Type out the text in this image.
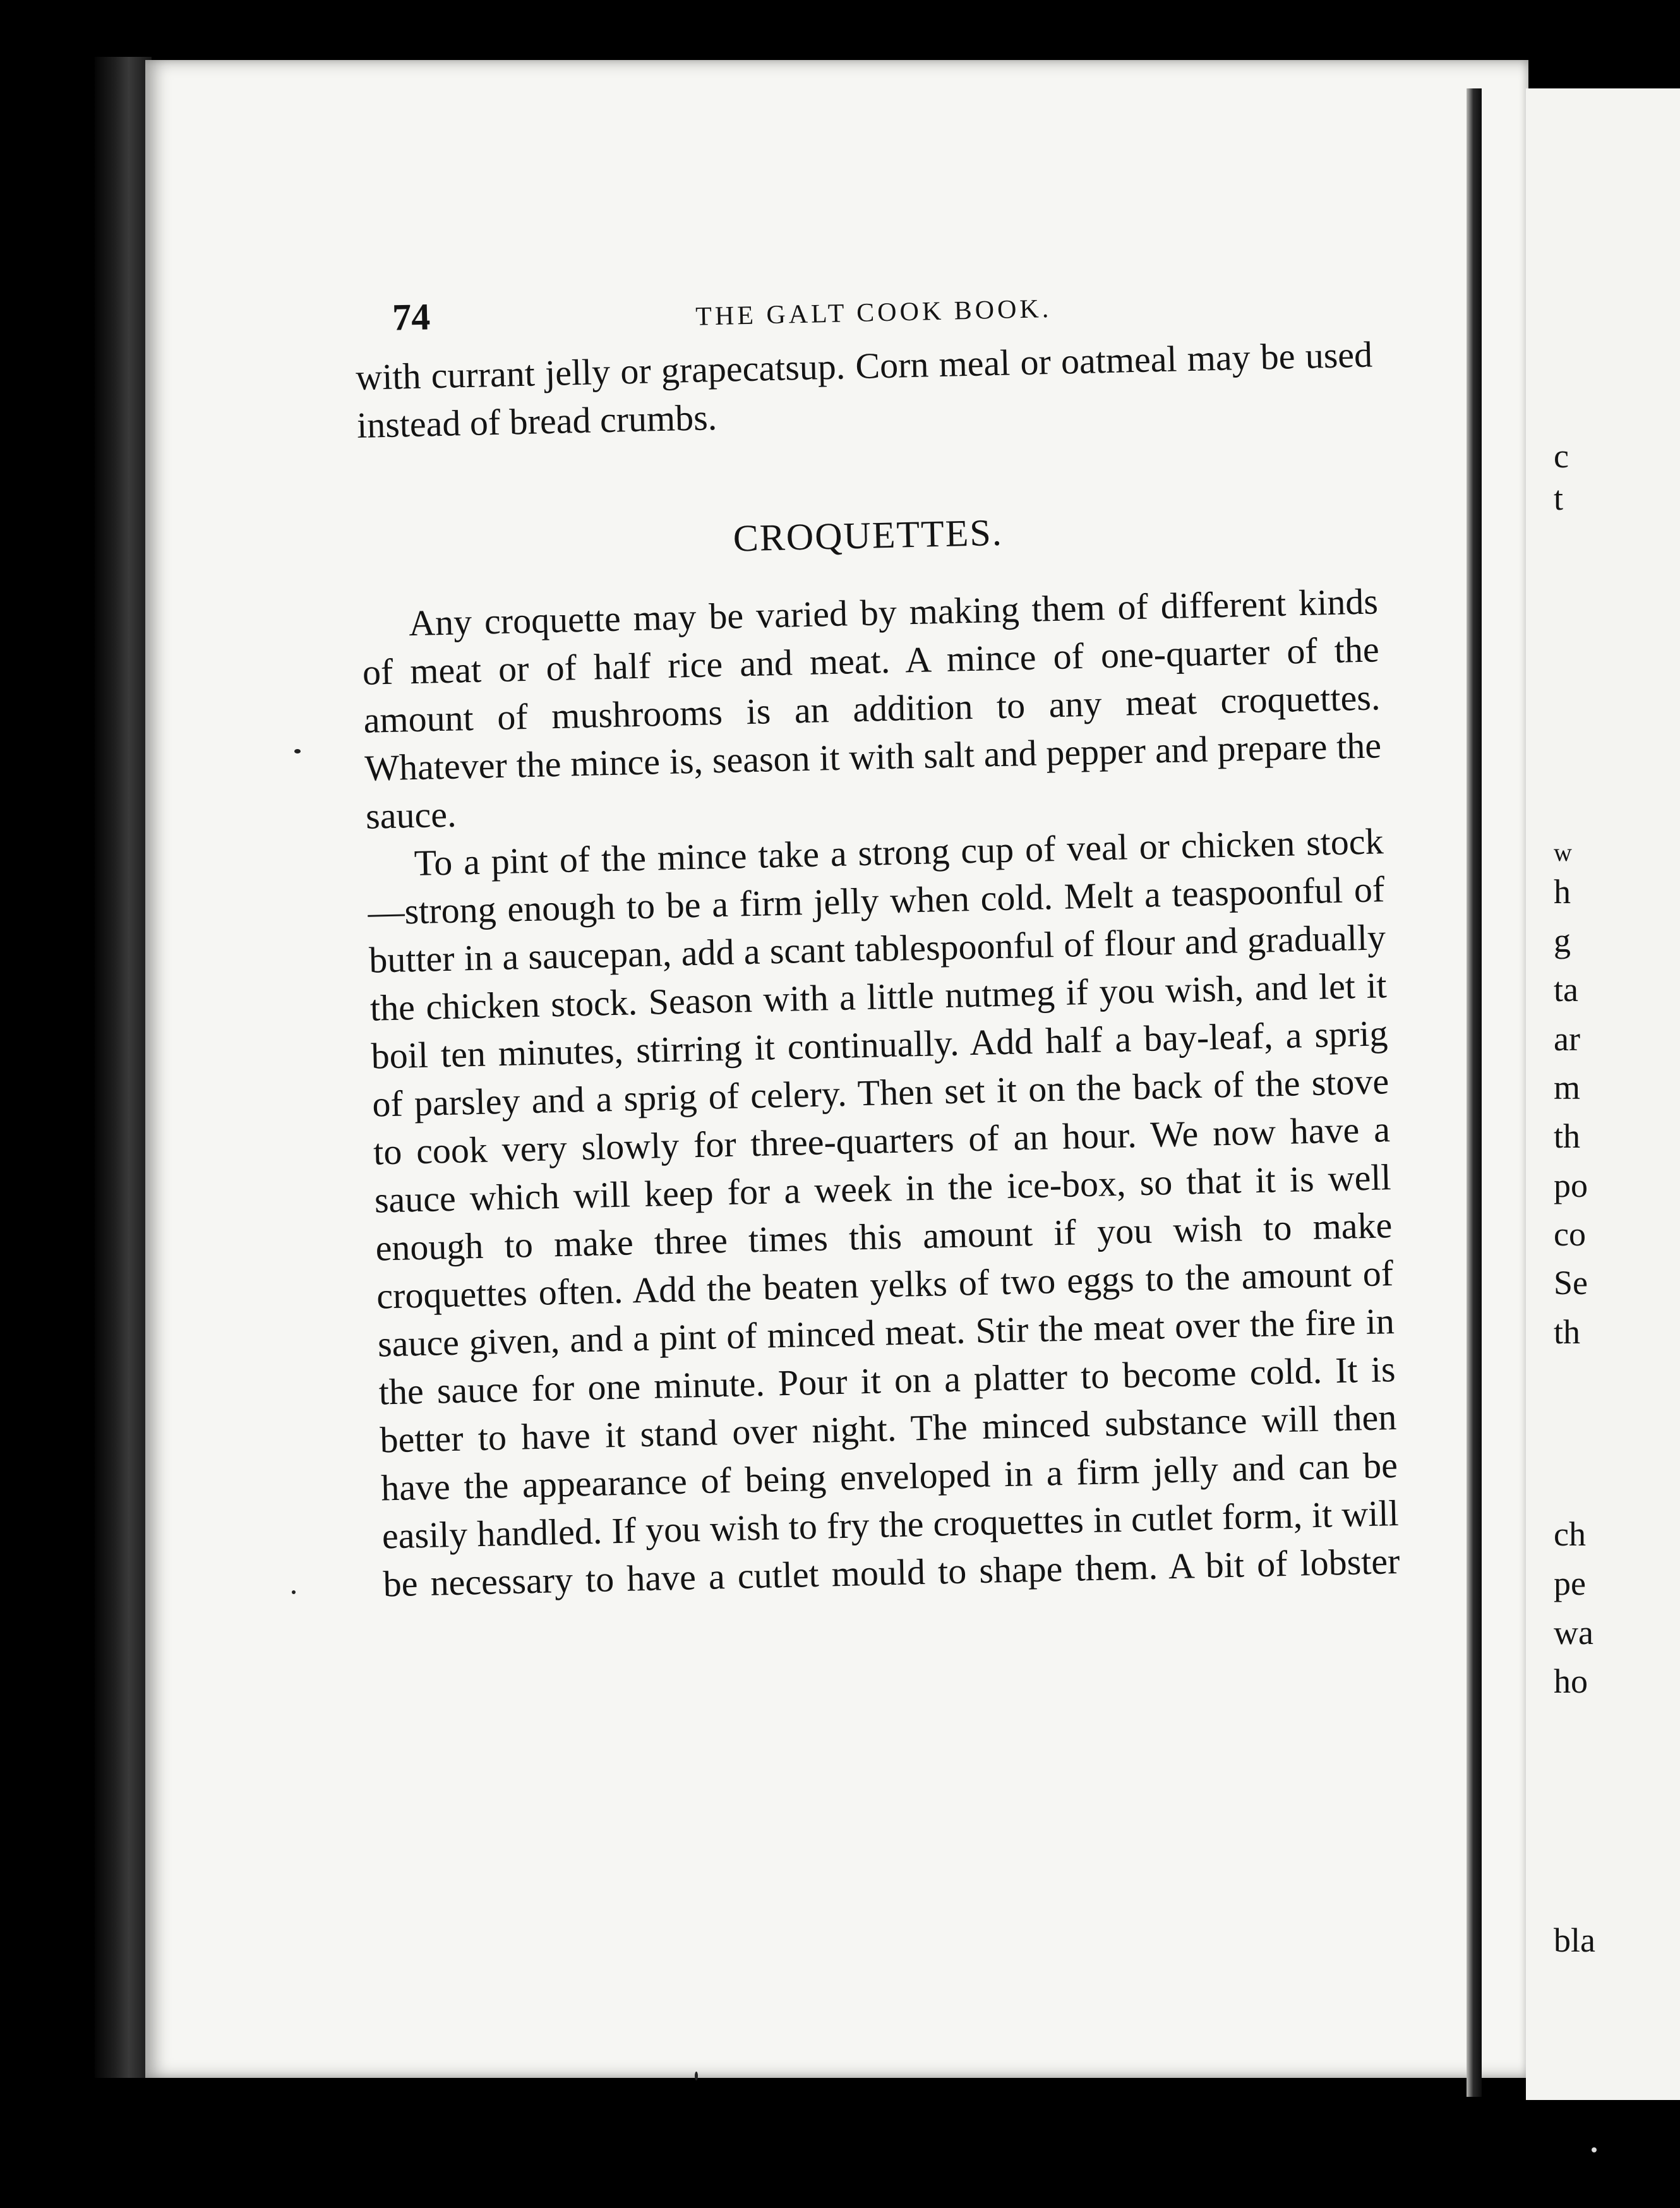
c
t
w
h
g
ta
ar
m
th
po
co
Se
th
ch
pe
wa
ho
bla
74	THE GALT COOK BOOK.

with currant jelly or grapecatsup. Corn meal or oatmeal may be used instead of bread crumbs.

CROQUETTES.

Any croquette may be varied by making them of different kinds of meat or of half rice and meat. A mince of one-quarter of the amount of mushrooms is an addition to any meat croquettes. Whatever the mince is, season it with salt and pepper and prepare the sauce.

To a pint of the mince take a strong cup of veal or chicken stock—strong enough to be a firm jelly when cold. Melt a teaspoonful of butter in a saucepan, add a scant tablespoonful of flour and gradually the chicken stock. Season with a little nutmeg if you wish, and let it boil ten minutes, stirring it continually. Add half a bay-leaf, a sprig of parsley and a sprig of celery. Then set it on the back of the stove to cook very slowly for three-quarters of an hour. We now have a sauce which will keep for a week in the ice-box, so that it is well enough to make three times this amount if you wish to make croquettes often. Add the beaten yelks of two eggs to the amount of sauce given, and a pint of minced meat. Stir the meat over the fire in the sauce for one minute. Pour it on a platter to become cold. It is better to have it stand over night. The minced substance will then have the appearance of being enveloped in a firm jelly and can be easily handled. If you wish to fry the croquettes in cutlet form, it will be necessary to have a cutlet mould to shape them. A bit of lobster
